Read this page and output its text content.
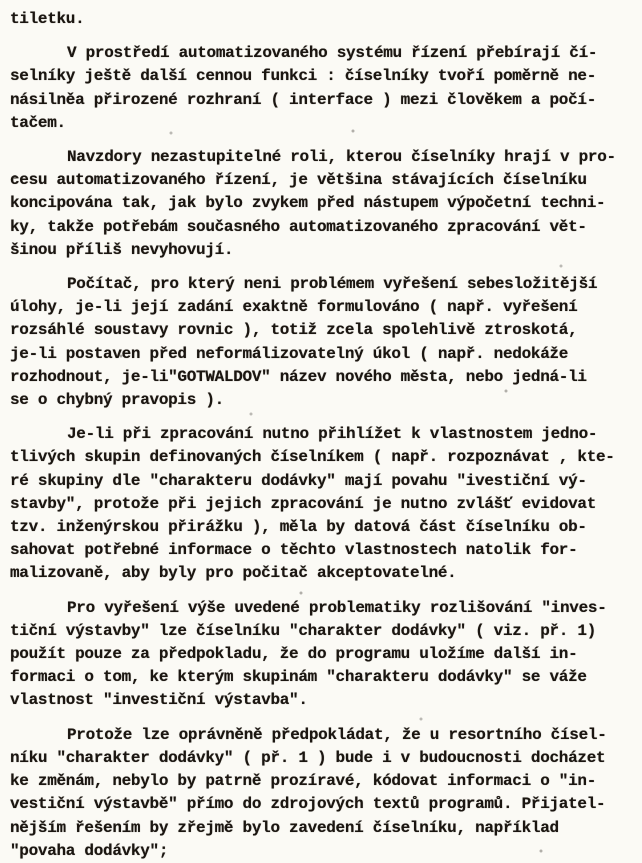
tiletku.

V prostředí automatizovaného systému řízení přebírají čí-
selníky ještě další cennou funkci : číselníky tvoří poměrně ne-
násilněa přirozené rozhraní ( interface ) mezi člověkem a počí-
tačem.

Navzdory nezastupitelné roli, kterou číselníky hrají v pro-
cesu automatizovaného řízení, je většina stávajících číselníku
koncipována tak, jak bylo zvykem před nástupem výpočetní techni-
ky, takže potřebám současného automatizovaného zpracování vět-
šinou příliš nevyhovují.

Počítač, pro který neni problémem vyřešení sebesložitější
úlohy, je-li její zadání exaktně formulováno ( např. vyřešení
rozsáhlé soustavy rovnic ), totiž zcela spolehlivě ztroskotá,
je-li postaven před neformálizovatelný úkol ( např. nedokáže
rozhodnout, je-li"GOTWALDOV" název nového města, nebo jedná-li
se o chybný pravopis ).

Je-li při zpracování nutno přihlížet k vlastnostem jedno-
tlivých skupin definovaných číselníkem ( např. rozpoznávat , kte-
ré skupiny dle "charakteru dodávky" mají povahu "ivestiční vý-
stavby", protože při jejich zpracování je nutno zvlášť evidovat
tzv. inženýrskou přirážku ), měla by datová část číselníku ob-
sahovat potřebné informace o těchto vlastnostech natolik for-
malizovaně, aby byly pro počitač akceptovatelné.

Pro vyřešení výše uvedené problematiky rozlišování "inves-
tiční výstavby" lze číselníku "charakter dodávky" ( viz. př. 1)
použít pouze za předpokladu, že do programu uložíme další in-
formaci o tom, ke kterým skupinám "charakteru dodávky" se váže
vlastnost "investiční výstavba".

Protože lze oprávněně předpokládat, že u resortního čísel-
níku "charakter dodávky" ( př. 1 ) bude i v budoucnosti docházet
ke změnám, nebylo by patrně prozíravé, kódovat informaci o "in-
vestiční výstavbě" přímo do zdrojových textů programů. Přijatel-
nějším řešením by zřejmě bylo zavedení číselníku, například
"povaha dodávky";
